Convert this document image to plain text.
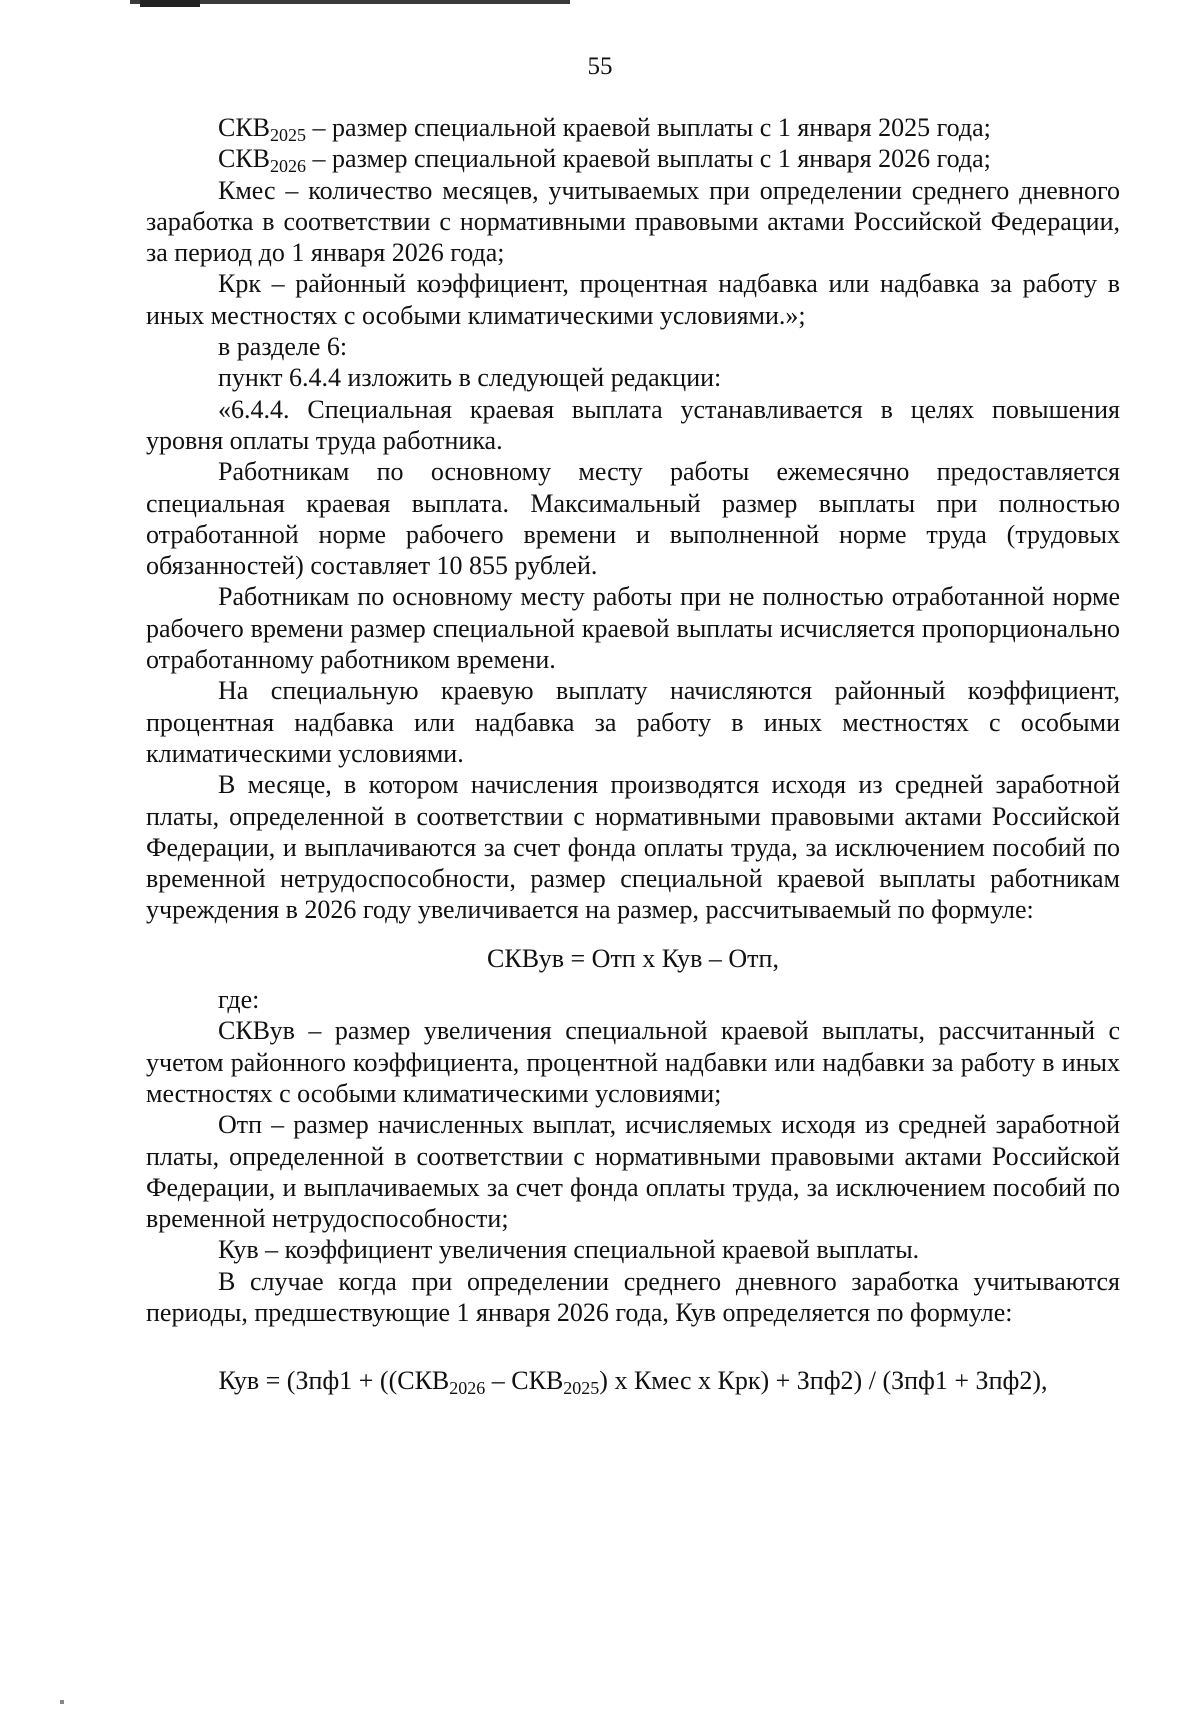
55

$СКВ_{2025}$ – размер специальной краевой выплаты с 1 января 2025 года;

$СКВ_{2026}$ – размер специальной краевой выплаты с 1 января 2026 года;

Кмес – количество месяцев, учитываемых при определении среднего дневного заработка в соответствии с нормативными правовыми актами Российской Федерации, за период до 1 января 2026 года;

Крк – районный коэффициент, процентная надбавка или надбавка за работу в иных местностях с особыми климатическими условиями.»;

в разделе 6:

пункт 6.4.4 изложить в следующей редакции:

«6.4.4. Специальная краевая выплата устанавливается в целях повышения уровня оплаты труда работника.

Работникам по основному месту работы ежемесячно предоставляется специальная краевая выплата. Максимальный размер выплаты при полностью отработанной норме рабочего времени и выполненной норме труда (трудовых обязанностей) составляет 10 855 рублей.

Работникам по основному месту работы при не полностью отработанной норме рабочего времени размер специальной краевой выплаты исчисляется пропорционально отработанному работником времени.

На специальную краевую выплату начисляются районный коэффициент, процентная надбавка или надбавка за работу в иных местностях с особыми климатическими условиями.

В месяце, в котором начисления производятся исходя из средней заработной платы, определенной в соответствии с нормативными правовыми актами Российской Федерации, и выплачиваются за счет фонда оплаты труда, за исключением пособий по временной нетрудоспособности, размер специальной краевой выплаты работникам учреждения в 2026 году увеличивается на размер, рассчитываемый по формуле:

СКВув = Отп х Кув – Отп,

где:

СКВув – размер увеличения специальной краевой выплаты, рассчитанный с учетом районного коэффициента, процентной надбавки или надбавки за работу в иных местностях с особыми климатическими условиями;

Отп – размер начисленных выплат, исчисляемых исходя из средней заработной платы, определенной в соответствии с нормативными правовыми актами Российской Федерации, и выплачиваемых за счет фонда оплаты труда, за исключением пособий по временной нетрудоспособности;

Кув – коэффициент увеличения специальной краевой выплаты.

В случае когда при определении среднего дневного заработка учитываются периоды, предшествующие 1 января 2026 года, Кув определяется по формуле:

Кув = ($Зпф1 + ((СКВ_{2026} - СКВ_{2025})$ х Кмес х Крк) + Зпф2) / (Зпф1 + Зпф2),
